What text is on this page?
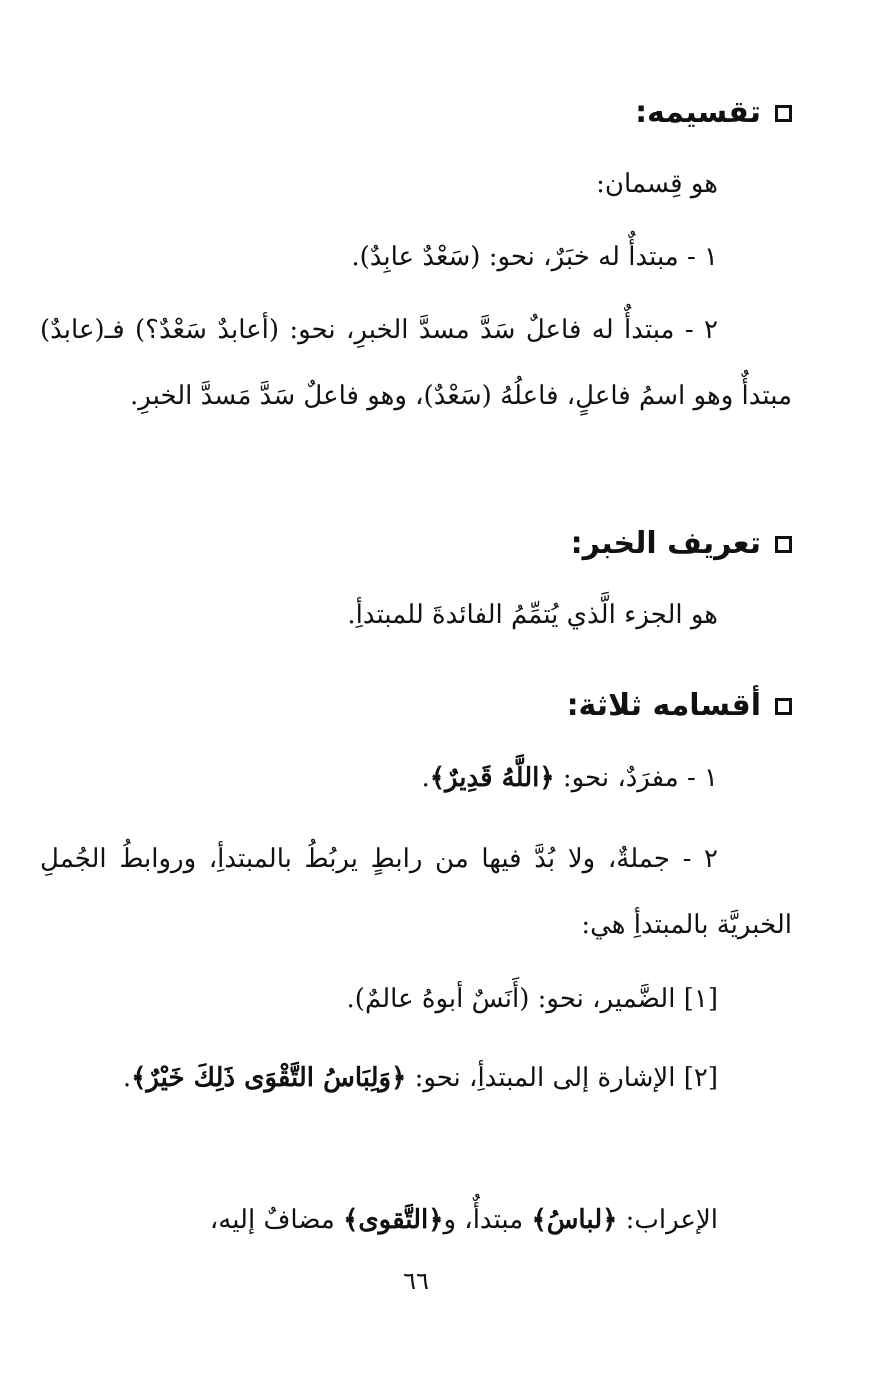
تقسيمه:
هو قِسمان:
١ - مبتدأٌ له خبَرٌ، نحو: (سَعْدٌ عابِدٌ).
٢ - مبتدأٌ له فاعلٌ سَدَّ مسدَّ الخبرِ، نحو: (أعابدٌ سَعْدٌ؟) فـ(عابدٌ) مبتدأٌ وهو اسمُ فاعلٍ، فاعلُهُ (سَعْدٌ)، وهو فاعلٌ سَدَّ مَسدَّ الخبرِ.
تعريف الخبر:
هو الجزء الَّذي يُتمِّمُ الفائدةَ للمبتدأِ.
أقسامه ثلاثة:
١ - مفرَدٌ، نحو: ﴿اللَّهُ قَدِيرٌ﴾.
٢ - جملةٌ، ولا بُدَّ فيها من رابطٍ يربُطُ بالمبتدأِ، وروابطُ الجُملِ الخبريَّة بالمبتدأِ هي:
[١] الضَّمير، نحو: (أَنَسٌ أبوهُ عالمٌ).
[٢] الإشارة إلى المبتدأِ، نحو: ﴿وَلِبَاسُ التَّقْوَى ذَلِكَ خَيْرٌ﴾.
الإعراب: ﴿لباسُ﴾ مبتدأٌ، و﴿التَّقوى﴾ مضافٌ إليه،
٦٦
